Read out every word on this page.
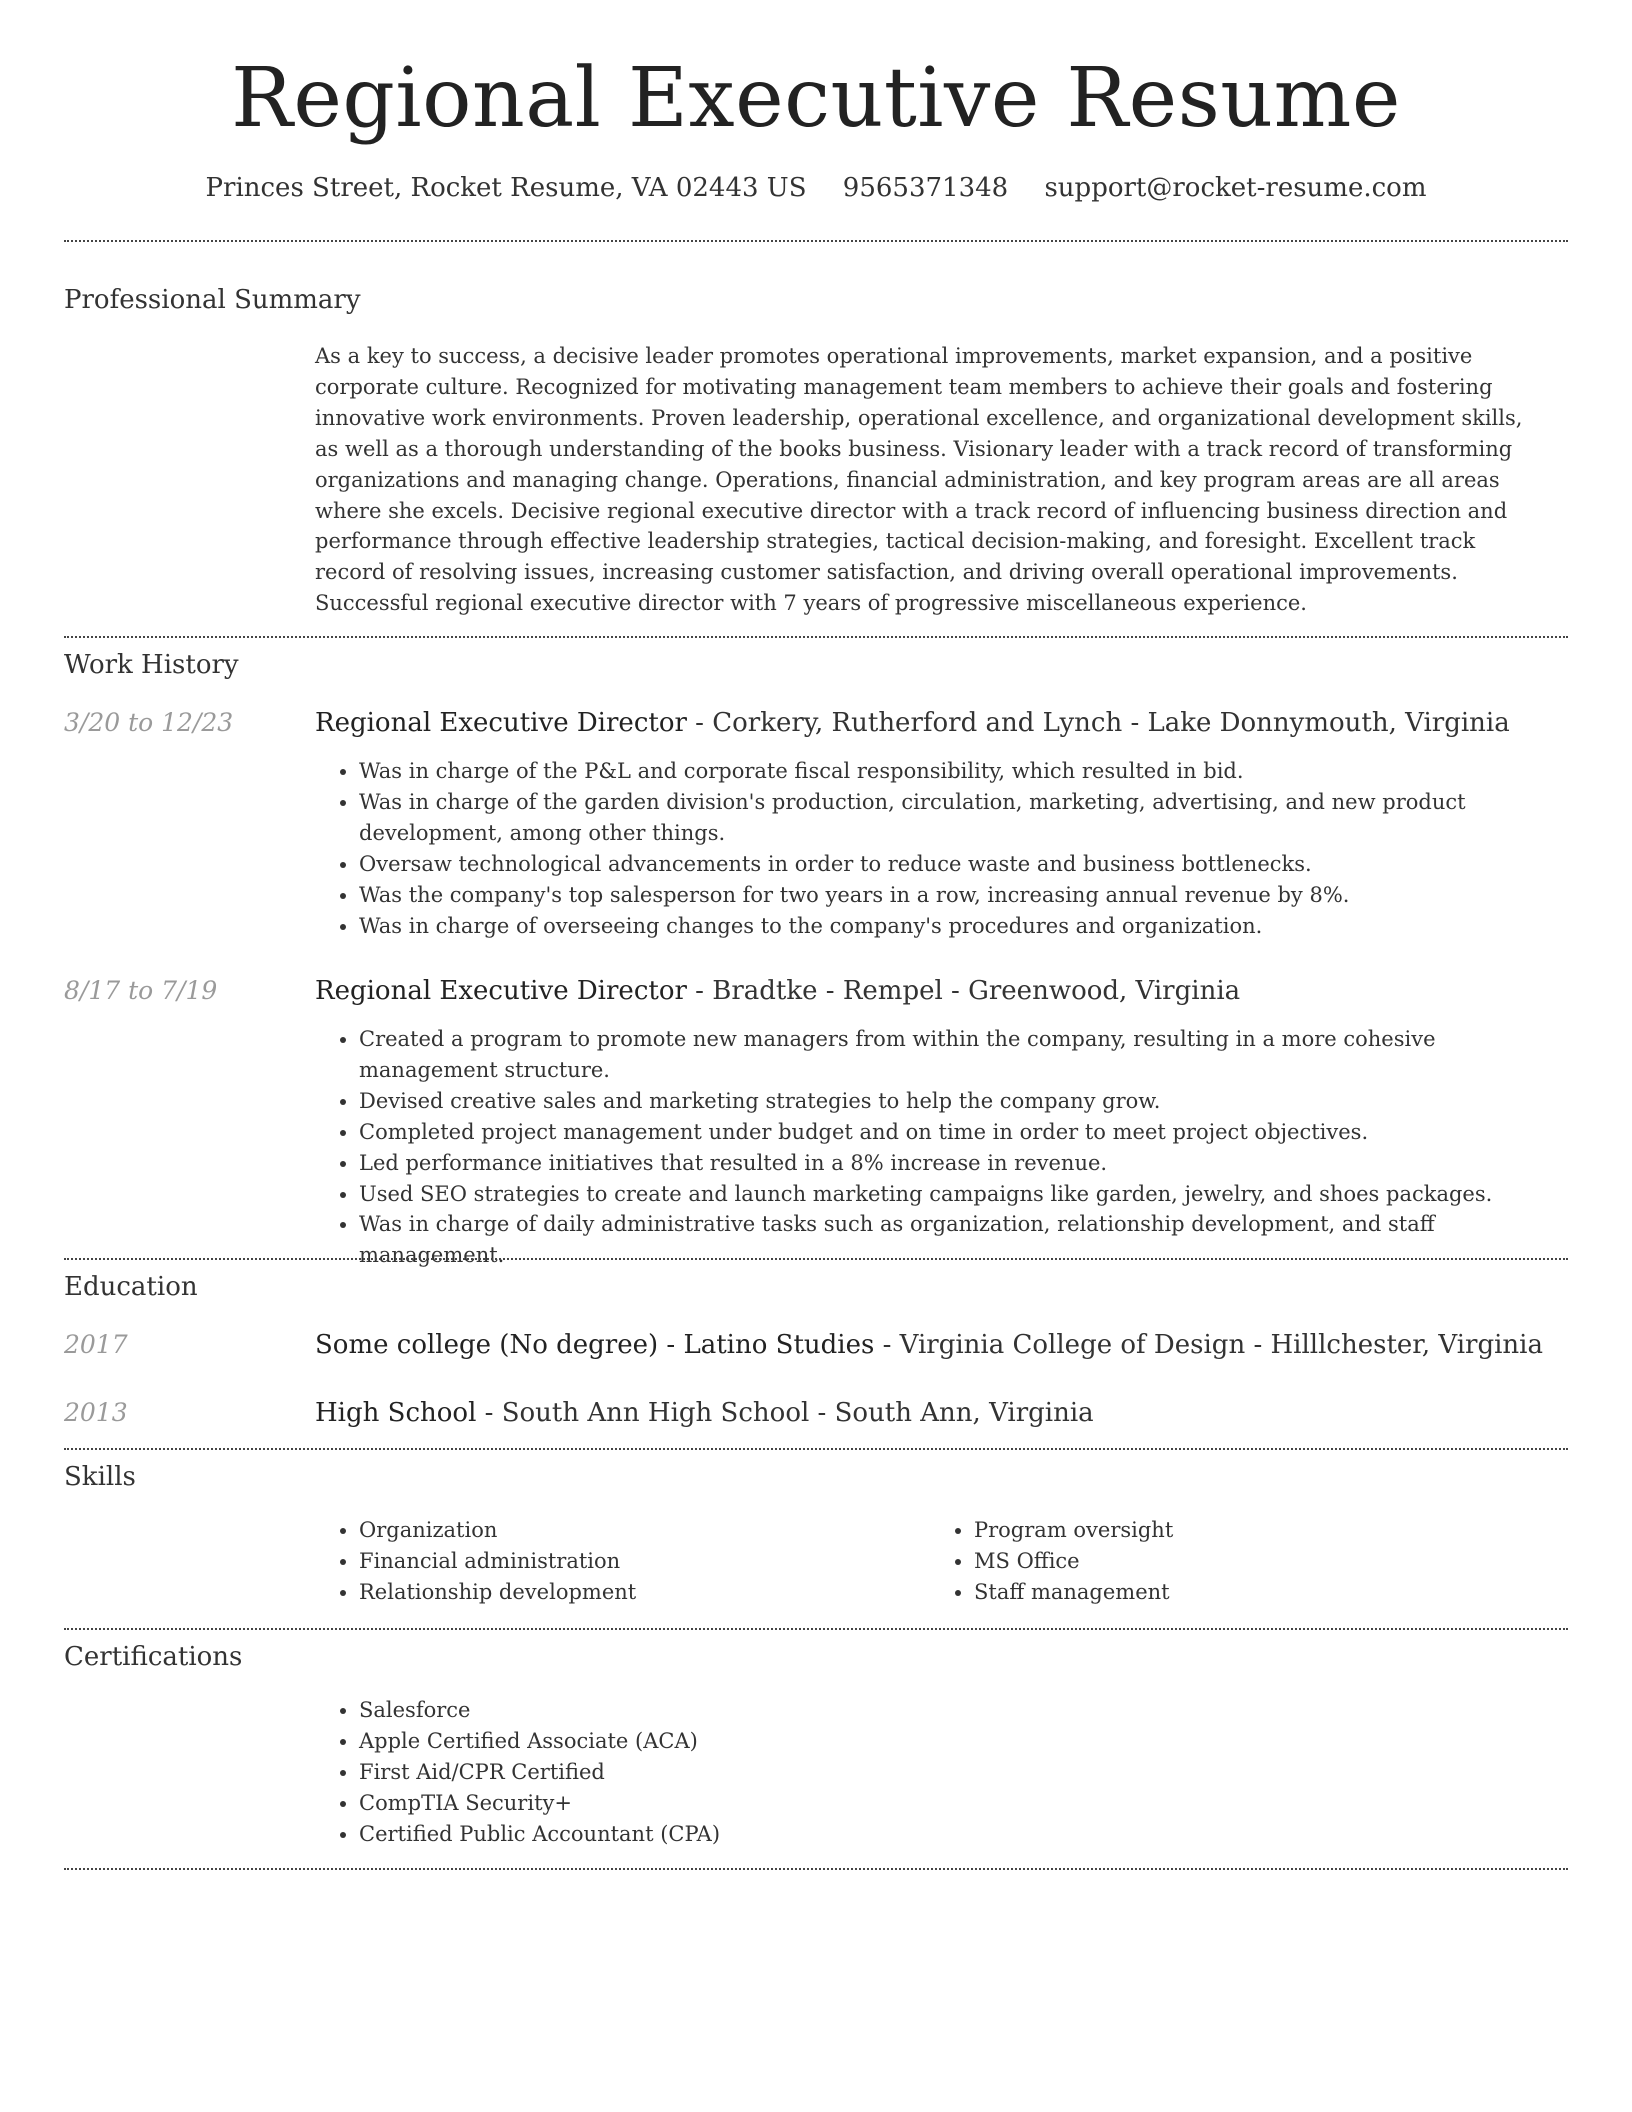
Regional Executive Resume
Princes Street, Rocket Resume, VA 02443 US 9565371348 support@rocket-resume.com
Professional Summary

As a key to success, a decisive leader promotes operational improvements, market expansion, and a positive corporate culture. Recognized for motivating management team members to achieve their goals and fostering innovative work environments. Proven leadership, operational excellence, and organizational development skills, as well as a thorough understanding of the books business. Visionary leader with a track record of transforming organizations and managing change. Operations, financial administration, and key program areas are all areas where she excels. Decisive regional executive director with a track record of influencing business direction and performance through effective leadership strategies, tactical decision-making, and foresight. Excellent track record of resolving issues, increasing customer satisfaction, and driving overall operational improvements. Successful regional executive director with 7 years of progressive miscellaneous experience.

Work History
3/20 to 12/23	Regional Executive Director - Corkery, Rutherford and Lynch - Lake Donnymouth, Virginia
• Was in charge of the P&L and corporate fiscal responsibility, which resulted in bid.
• Was in charge of the garden division's production, circulation, marketing, advertising, and new product development, among other things.
• Oversaw technological advancements in order to reduce waste and business bottlenecks.
• Was the company's top salesperson for two years in a row, increasing annual revenue by 8%.
• Was in charge of overseeing changes to the company's procedures and organization.
8/17 to 7/19	Regional Executive Director - Bradtke - Rempel - Greenwood, Virginia
• Created a program to promote new managers from within the company, resulting in a more cohesive management structure.
• Devised creative sales and marketing strategies to help the company grow.
• Completed project management under budget and on time in order to meet project objectives.
• Led performance initiatives that resulted in a 8% increase in revenue.
• Used SEO strategies to create and launch marketing campaigns like garden, jewelry, and shoes packages.
• Was in charge of daily administrative tasks such as organization, relationship development, and staff management.
Education
2017	Some college (No degree) - Latino Studies - Virginia College of Design - Hilllchester, Virginia
2013	High School - South Ann High School - South Ann, Virginia
Skills
• Organization
• Financial administration
• Relationship development
• Program oversight
• MS Office
• Staff management
Certifications
• Salesforce
• Apple Certified Associate (ACA)
• First Aid/CPR Certified
• CompTIA Security+
• Certified Public Accountant (CPA)
